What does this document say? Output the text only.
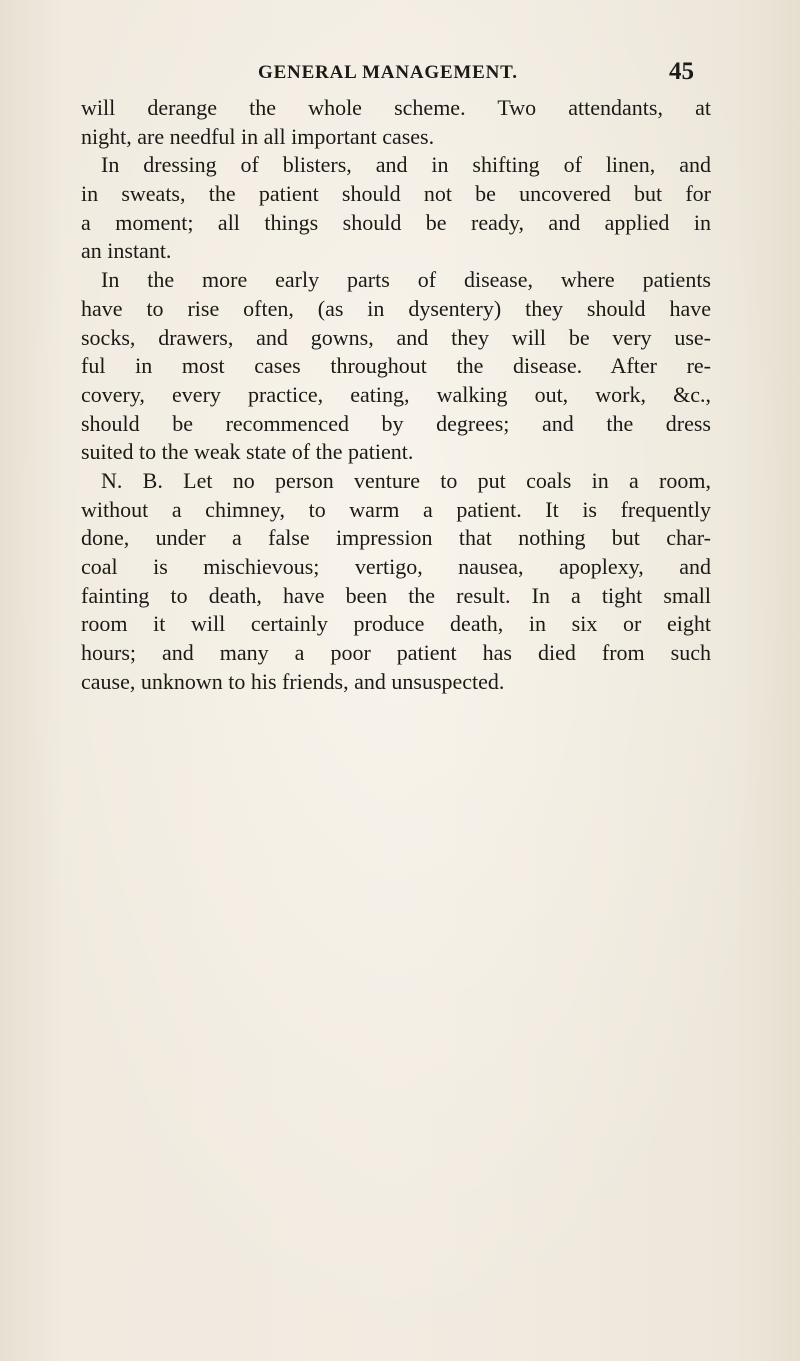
GENERAL MANAGEMENT.	45
will derange the whole scheme. Two attendants, at
night, are needful in all important cases.
In dressing of blisters, and in shifting of linen, and
in sweats, the patient should not be uncovered but for
a moment; all things should be ready, and applied in
an instant.
In the more early parts of disease, where patients
have to rise often, (as in dysentery) they should have
socks, drawers, and gowns, and they will be very use-
ful in most cases throughout the disease. After re-
covery, every practice, eating, walking out, work, &c.,
should be recommenced by degrees; and the dress
suited to the weak state of the patient.
N. B. Let no person venture to put coals in a room,
without a chimney, to warm a patient. It is frequently
done, under a false impression that nothing but char-
coal is mischievous; vertigo, nausea, apoplexy, and
fainting to death, have been the result. In a tight small
room it will certainly produce death, in six or eight
hours; and many a poor patient has died from such
cause, unknown to his friends, and unsuspected.
